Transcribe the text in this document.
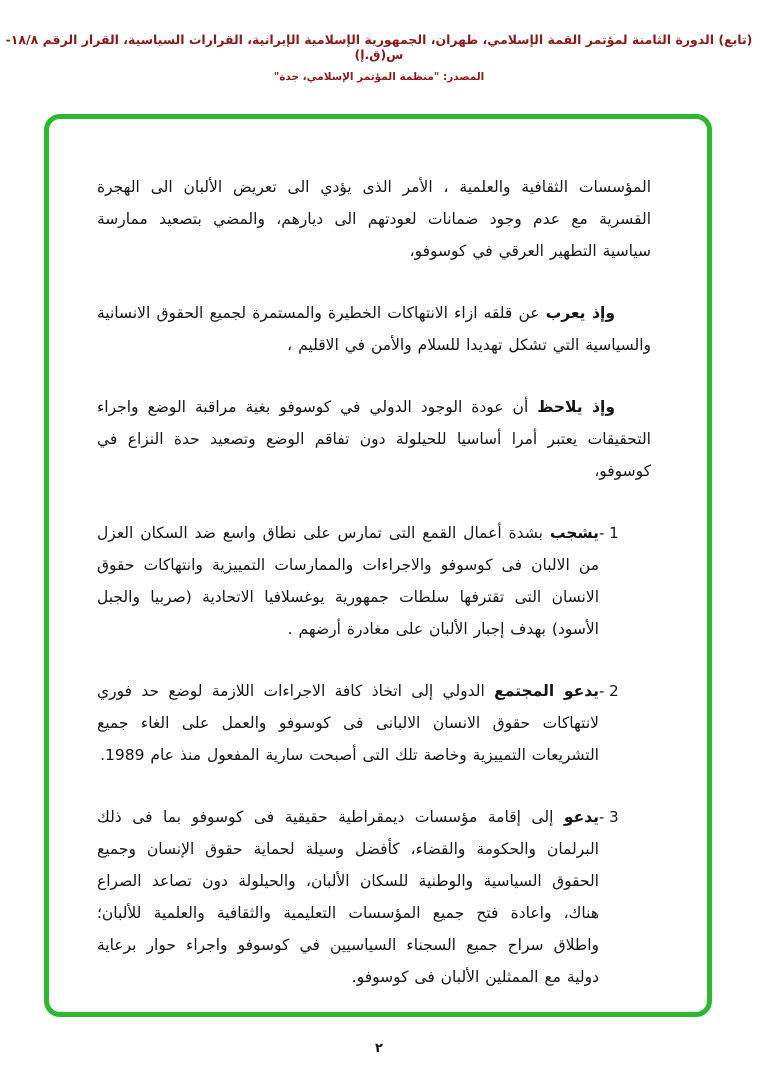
(تابع) الدورة الثامنة لمؤتمر القمة الإسلامي، طهران، الجمهورية الإسلامية الإيرانية، القرارات السياسية، القرار الرقم ١٨/٨-س(ق.إ)
المصدر: "منظمة المؤتمر الإسلامي، جدة"

المؤسسات الثقافية والعلمية ، الأمر الذى يؤدي الى تعريض الألبان الى الهجرة القسرية مع عدم وجود ضمانات لعودتهم الى ديارهم، والمضي بتصعيد ممارسة سياسية التطهير العرقي في كوسوفو،

وإذ يعرب عن قلقه ازاء الانتهاكات الخطيرة والمستمرة لجميع الحقوق الانسانية والسياسية التي تشكل تهديدا للسلام والأمن في الاقليم ،

وإذ يلاحظ أن عودة الوجود الدولي في كوسوفو بغية مراقبة الوضع واجراء التحقيقات يعتبر أمرا أساسيا للحيلولة دون تفاقم الوضع وتصعيد حدة النزاع في كوسوفو،

- 1
يشجب بشدة أعمال القمع التى تمارس على نطاق واسع ضد السكان العزل من الالبان فى كوسوفو والاجراءات والممارسات التمييزية وانتهاكات حقوق الانسان التى تقترفها سلطات جمهورية يوغسلافيا الاتحادية (صربيا والجبل الأسود) بهدف إجبار الألبان على مغادرة أرضهم .
- 2
يدعو المجتمع الدولي إلى اتخاذ كافة الاجراءات اللازمة لوضع حد فوري لانتهاكات حقوق الانسان الالبانى فى كوسوفو والعمل على الغاء جميع التشريعات التمييزية وخاصة تلك التى أصبحت سارية المفعول منذ عام 1989.
- 3
يدعو إلى إقامة مؤسسات ديمقراطية حقيقية فى كوسوفو بما فى ذلك البرلمان والحكومة والقضاء، كأفضل وسيلة لحماية حقوق الإنسان وجميع الحقوق السياسية والوطنية للسكان الألبان، والحيلولة دون تصاعد الصراع هناك، واعادة فتح جميع المؤسسات التعليمية والثقافية والعلمية للألبان؛ واطلاق سراح جميع السجناء السياسيين في كوسوفو واجراء حوار برعاية دولية مع الممثلين الألبان فى كوسوفو.
٢
